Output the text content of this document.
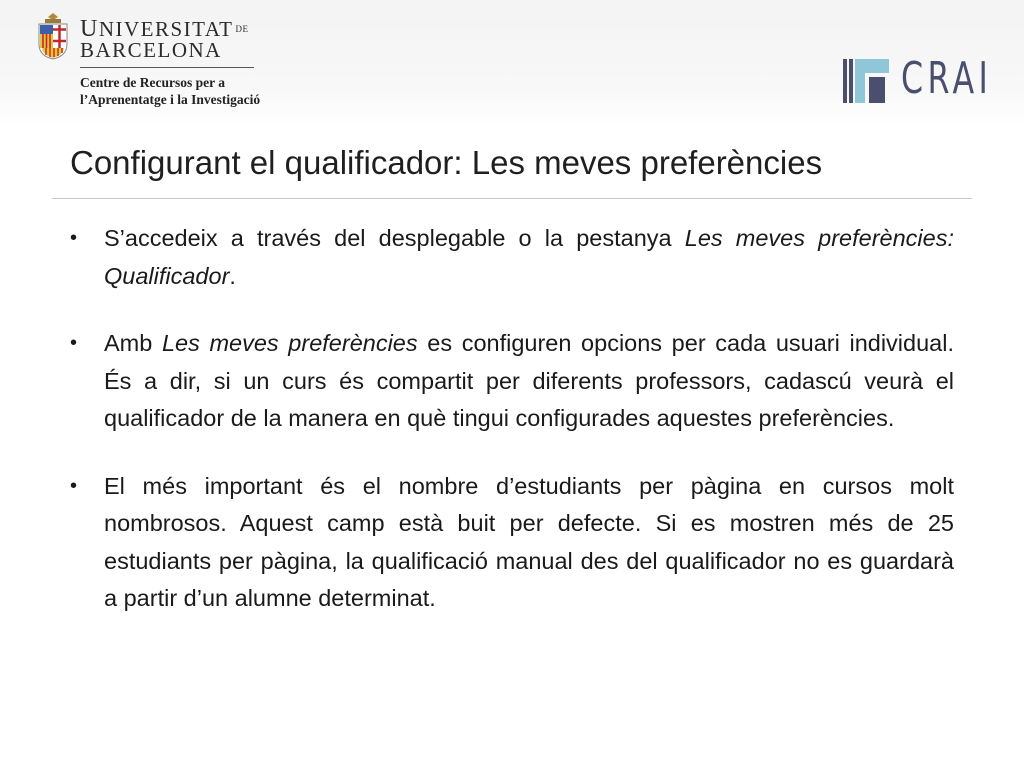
UNIVERSITAT DE
BARCELONA
Centre de Recursos per a
l’Aprenentatge i la Investigació	CRAI
Configurant el qualificador: Les meves preferències
• S’accedeix a través del desplegable o la pestanya Les meves preferències: Qualificador.
• Amb Les meves preferències es configuren opcions per cada usuari individual. És a dir, si un curs és compartit per diferents professors, cadascú veurà el qualificador de la manera en què tingui configurades aquestes preferències.
• El més important és el nombre d’estudiants per pàgina en cursos molt nombrosos. Aquest camp està buit per defecte. Si es mostren més de 25 estudiants per pàgina, la qualificació manual des del qualificador no es guardarà a partir d’un alumne determinat.
